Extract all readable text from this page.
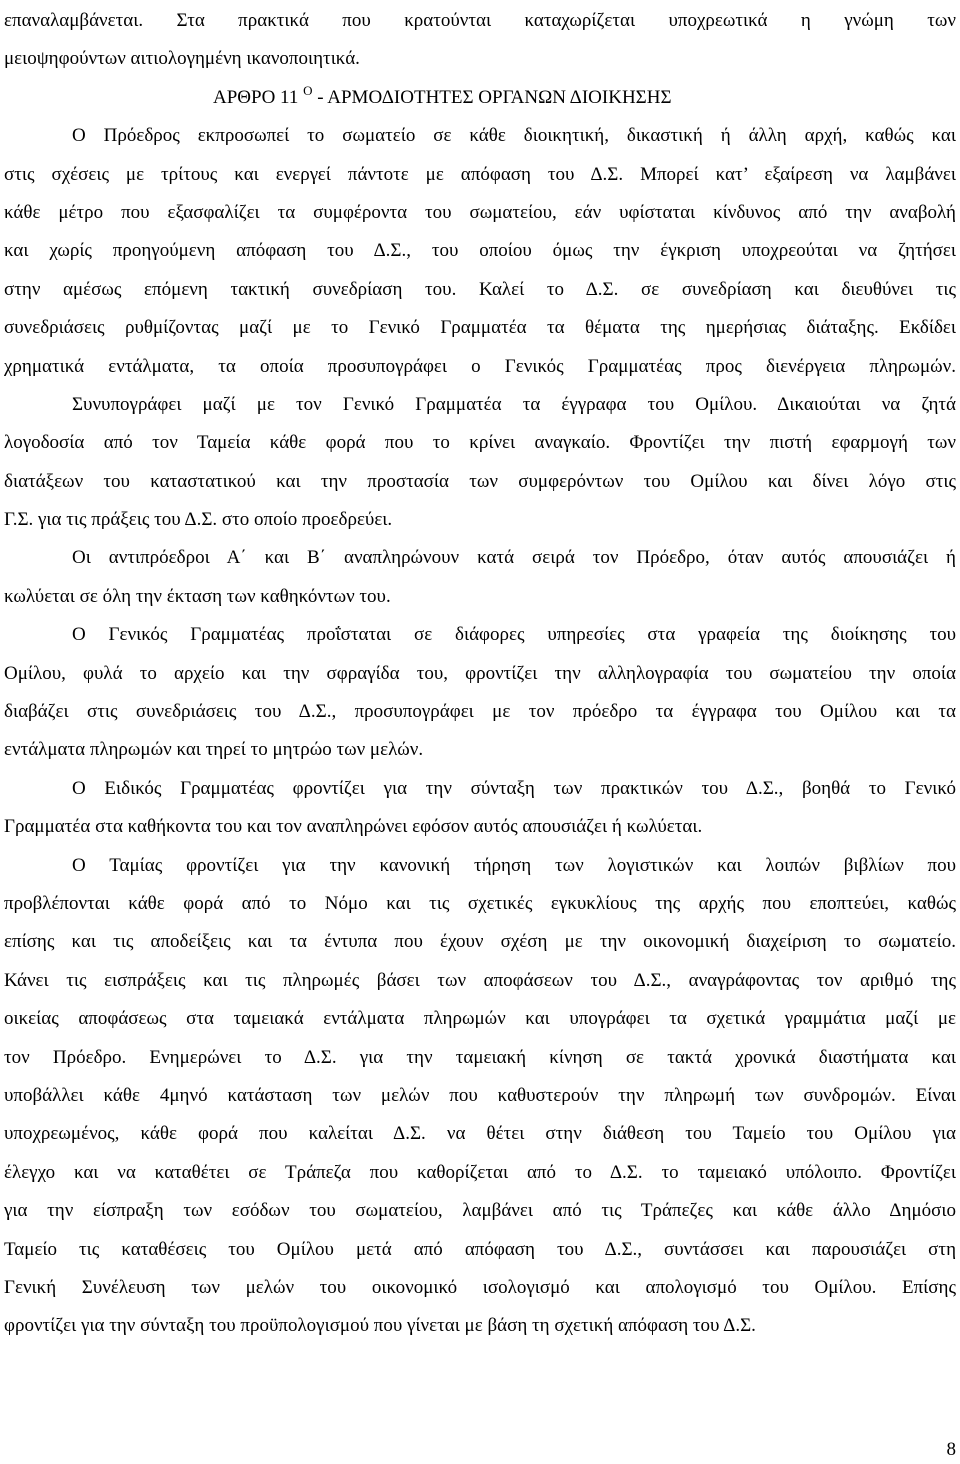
επαναλαμβάνεται. Στα πρακτικά που κρατούνται καταχωρίζεται υποχρεωτικά η γνώμη των
μειοψηφούντων αιτιολογημένη ικανοποιητικά.
ΑΡΘΡΟ 11 $^O$ - ΑΡΜΟΔΙΟΤΗΤΕΣ ΟΡΓΑΝΩΝ ΔΙΟΙΚΗΣΗΣ
Ο Πρόεδρος εκπροσωπεί το σωματείο σε κάθε διοικητική, δικαστική ή άλλη αρχή, καθώς και
στις σχέσεις με τρίτους και ενεργεί πάντοτε με απόφαση του Δ.Σ. Μπορεί κατ’ εξαίρεση να λαμβάνει
κάθε μέτρο που εξασφαλίζει τα συμφέροντα του σωματείου, εάν υφίσταται κίνδυνος από την αναβολή
και χωρίς προηγούμενη απόφαση του Δ.Σ., του οποίου όμως την έγκριση υποχρεούται να ζητήσει
στην αμέσως επόμενη τακτική συνεδρίαση του. Καλεί το Δ.Σ. σε συνεδρίαση και διευθύνει τις
συνεδριάσεις ρυθμίζοντας μαζί με το Γενικό Γραμματέα τα θέματα της ημερήσιας διάταξης. Εκδίδει
χρηματικά εντάλματα, τα οποία προσυπογράφει ο Γενικός Γραμματέας προς διενέργεια πληρωμών.
Συνυπογράφει μαζί με τον Γενικό Γραμματέα τα έγγραφα του Ομίλου. Δικαιούται να ζητά
λογοδοσία από τον Ταμεία κάθε φορά που το κρίνει αναγκαίο. Φροντίζει την πιστή εφαρμογή των
διατάξεων του καταστατικού και την προστασία των συμφερόντων του Ομίλου και δίνει λόγο στις
Γ.Σ. για τις πράξεις του Δ.Σ. στο οποίο προεδρεύει.
Οι αντιπρόεδροι Α΄ και Β΄ αναπληρώνουν κατά σειρά τον Πρόεδρο, όταν αυτός απουσιάζει ή
κωλύεται σε όλη την έκταση των καθηκόντων του.
Ο Γενικός Γραμματέας προΐσταται σε διάφορες υπηρεσίες στα γραφεία της διοίκησης του
Ομίλου, φυλά το αρχείο και την σφραγίδα του, φροντίζει την αλληλογραφία του σωματείου την οποία
διαβάζει στις συνεδριάσεις του Δ.Σ., προσυπογράφει με τον πρόεδρο τα έγγραφα του Ομίλου και τα
εντάλματα πληρωμών και τηρεί το μητρώο των μελών.
Ο Ειδικός Γραμματέας φροντίζει για την σύνταξη των πρακτικών του Δ.Σ., βοηθά το Γενικό
Γραμματέα στα καθήκοντα του και τον αναπληρώνει εφόσον αυτός απουσιάζει ή κωλύεται.
Ο Ταμίας φροντίζει για την κανονική τήρηση των λογιστικών και λοιπών βιβλίων που
προβλέπονται κάθε φορά από το Νόμο και τις σχετικές εγκυκλίους της αρχής που εποπτεύει, καθώς
επίσης και τις αποδείξεις και τα έντυπα που έχουν σχέση με την οικονομική διαχείριση το σωματείο.
Κάνει τις εισπράξεις και τις πληρωμές βάσει των αποφάσεων του Δ.Σ., αναγράφοντας τον αριθμό της
οικείας αποφάσεως στα ταμειακά εντάλματα πληρωμών και υπογράφει τα σχετικά γραμμάτια μαζί με
τον Πρόεδρο. Ενημερώνει το Δ.Σ. για την ταμειακή κίνηση σε τακτά χρονικά διαστήματα και
υποβάλλει κάθε 4μηνό κατάσταση των μελών που καθυστερούν την πληρωμή των συνδρομών. Είναι
υποχρεωμένος, κάθε φορά που καλείται Δ.Σ. να θέτει στην διάθεση του Ταμείο του Ομίλου για
έλεγχο και να καταθέτει σε Τράπεζα που καθορίζεται από το Δ.Σ. το ταμειακό υπόλοιπο. Φροντίζει
για την είσπραξη των εσόδων του σωματείου, λαμβάνει από τις Τράπεζες και κάθε άλλο Δημόσιο
Ταμείο τις καταθέσεις του Ομίλου μετά από απόφαση του Δ.Σ., συντάσσει και παρουσιάζει στη
Γενική Συνέλευση των μελών του οικονομικό ισολογισμό και απολογισμό του Ομίλου. Επίσης
φροντίζει για την σύνταξη του προϋπολογισμού που γίνεται με βάση τη σχετική απόφαση του Δ.Σ.
8
